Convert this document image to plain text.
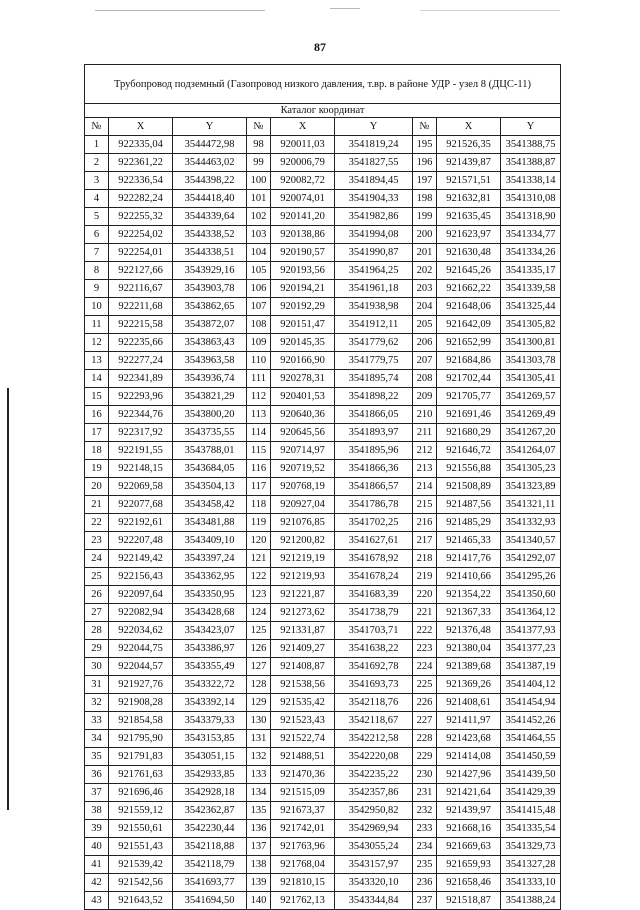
87
Трубопровод подземный (Газопровод низкого давления, т.вр. в районе УДР - узел 8 (ДЦС-11)								
Каталог координат								
№	X	Y	№	X	Y	№	X	Y
1	922335,04	3544472,98	98	920011,03	3541819,24	195	921526,35	3541388,75
2	922361,22	3544463,02	99	920006,79	3541827,55	196	921439,87	3541388,87
3	922336,54	3544398,22	100	920082,72	3541894,45	197	921571,51	3541338,14
4	922282,24	3544418,40	101	920074,01	3541904,33	198	921632,81	3541310,08
5	922255,32	3544339,64	102	920141,20	3541982,86	199	921635,45	3541318,90
6	922254,02	3544338,52	103	920138,86	3541994,08	200	921623,97	3541334,77
7	922254,01	3544338,51	104	920190,57	3541990,87	201	921630,48	3541334,26
8	922127,66	3543929,16	105	920193,56	3541964,25	202	921645,26	3541335,17
9	922116,67	3543903,78	106	920194,21	3541961,18	203	921662,22	3541339,58
10	922211,68	3543862,65	107	920192,29	3541938,98	204	921648,06	3541325,44
11	922215,58	3543872,07	108	920151,47	3541912,11	205	921642,09	3541305,82
12	922235,66	3543863,43	109	920145,35	3541779,62	206	921652,99	3541300,81
13	922277,24	3543963,58	110	920166,90	3541779,75	207	921684,86	3541303,78
14	922341,89	3543936,74	111	920278,31	3541895,74	208	921702,44	3541305,41
15	922293,96	3543821,29	112	920401,53	3541898,22	209	921705,77	3541269,57
16	922344,76	3543800,20	113	920640,36	3541866,05	210	921691,46	3541269,49
17	922317,92	3543735,55	114	920645,56	3541893,97	211	921680,29	3541267,20
18	922191,55	3543788,01	115	920714,97	3541895,96	212	921646,72	3541264,07
19	922148,15	3543684,05	116	920719,52	3541866,36	213	921556,88	3541305,23
20	922069,58	3543504,13	117	920768,19	3541866,57	214	921508,89	3541323,89
21	922077,68	3543458,42	118	920927,04	3541786,78	215	921487,56	3541321,11
22	922192,61	3543481,88	119	921076,85	3541702,25	216	921485,29	3541332,93
23	922207,48	3543409,10	120	921200,82	3541627,61	217	921465,33	3541340,57
24	922149,42	3543397,24	121	921219,19	3541678,92	218	921417,76	3541292,07
25	922156,43	3543362,95	122	921219,93	3541678,24	219	921410,66	3541295,26
26	922097,64	3543350,95	123	921221,87	3541683,39	220	921354,22	3541350,60
27	922082,94	3543428,68	124	921273,62	3541738,79	221	921367,33	3541364,12
28	922034,62	3543423,07	125	921331,87	3541703,71	222	921376,48	3541377,93
29	922044,75	3543386,97	126	921409,27	3541638,22	223	921380,04	3541377,23
30	922044,57	3543355,49	127	921408,87	3541692,78	224	921389,68	3541387,19
31	921927,76	3543322,72	128	921538,56	3541693,73	225	921369,26	3541404,12
32	921908,28	3543392,14	129	921535,42	3542118,76	226	921408,61	3541454,94
33	921854,58	3543379,33	130	921523,43	3542118,67	227	921411,97	3541452,26
34	921795,90	3543153,85	131	921522,74	3542212,58	228	921423,68	3541464,55
35	921791,83	3543051,15	132	921488,51	3542220,08	229	921414,08	3541450,59
36	921761,63	3542933,85	133	921470,36	3542235,22	230	921427,96	3541439,50
37	921696,46	3542928,18	134	921515,09	3542357,86	231	921421,64	3541429,39
38	921559,12	3542362,87	135	921673,37	3542950,82	232	921439,97	3541415,48
39	921550,61	3542230,44	136	921742,01	3542969,94	233	921668,16	3541335,54
40	921551,43	3542118,88	137	921763,96	3543055,24	234	921669,63	3541329,73
41	921539,42	3542118,79	138	921768,04	3543157,97	235	921659,93	3541327,28
42	921542,56	3541693,77	139	921810,15	3543320,10	236	921658,46	3541333,10
43	921643,52	3541694,50	140	921762,13	3543344,84	237	921518,87	3541388,24
